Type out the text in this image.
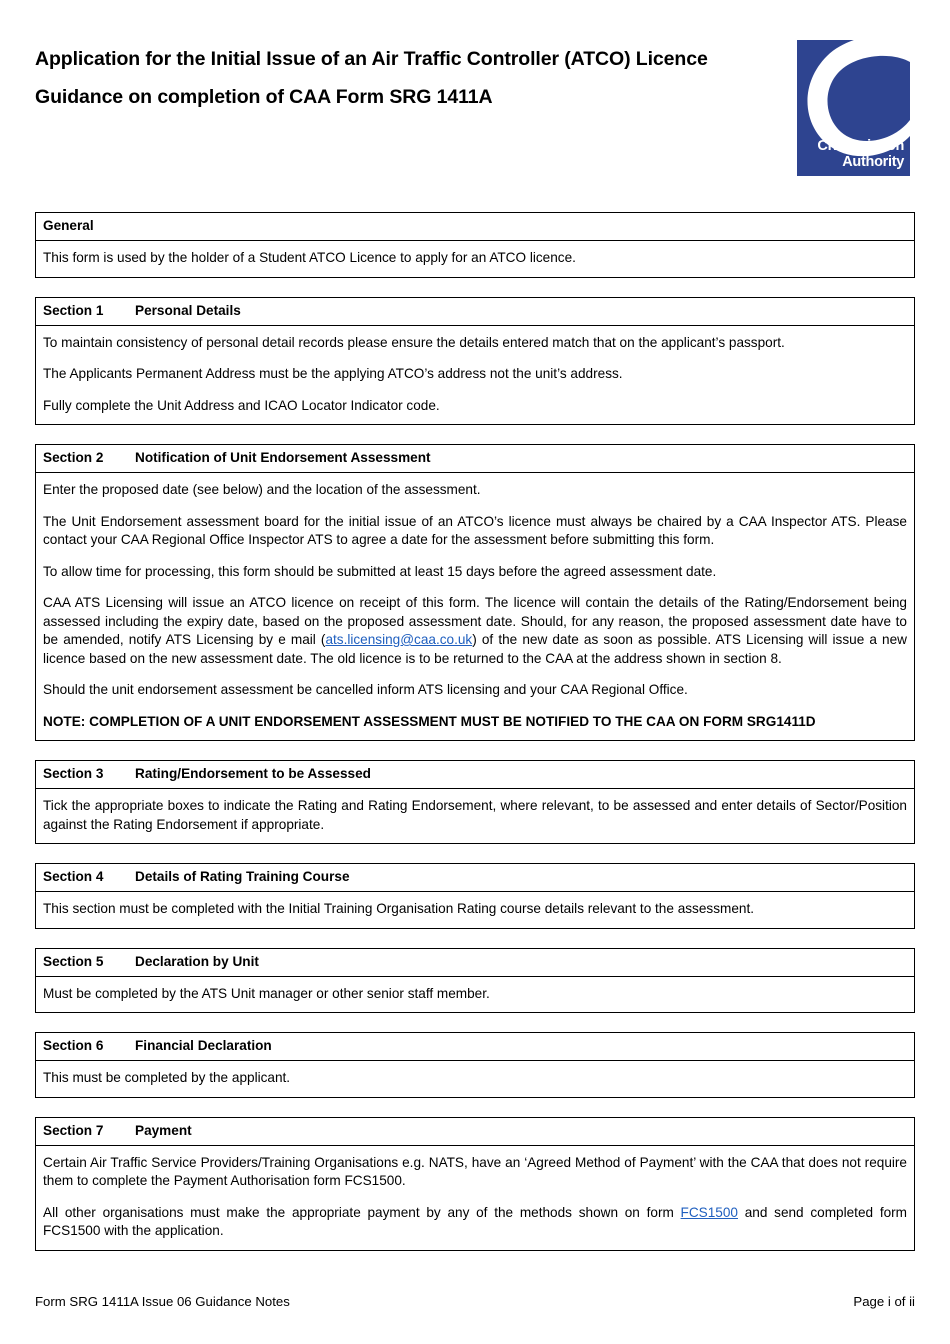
Application for the Initial Issue of an Air Traffic Controller (ATCO) Licence
Guidance on completion of CAA Form SRG 1411A
Civil Aviation
Authority
General

This form is used by the holder of a Student ATCO Licence to apply for an ATCO licence.

Section 1 Personal Details

To maintain consistency of personal detail records please ensure the details entered match that on the applicant’s passport.

The Applicants Permanent Address must be the applying ATCO’s address not the unit’s address.

Fully complete the Unit Address and ICAO Locator Indicator code.

Section 2 Notification of Unit Endorsement Assessment

Enter the proposed date (see below) and the location of the assessment.

The Unit Endorsement assessment board for the initial issue of an ATCO’s licence must always be chaired by a CAA Inspector ATS. Please contact your CAA Regional Office Inspector ATS to agree a date for the assessment before submitting this form.

To allow time for processing, this form should be submitted at least 15 days before the agreed assessment date.

CAA ATS Licensing will issue an ATCO licence on receipt of this form. The licence will contain the details of the Rating/Endorsement being assessed including the expiry date, based on the proposed assessment date. Should, for any reason, the proposed assessment date have to be amended, notify ATS Licensing by e mail (ats.licensing@caa.co.uk) of the new date as soon as possible. ATS Licensing will issue a new licence based on the new assessment date. The old licence is to be returned to the CAA at the address shown in section 8.

Should the unit endorsement assessment be cancelled inform ATS licensing and your CAA Regional Office.

NOTE: COMPLETION OF A UNIT ENDORSEMENT ASSESSMENT MUST BE NOTIFIED TO THE CAA ON FORM SRG1411D

Section 3 Rating/Endorsement to be Assessed

Tick the appropriate boxes to indicate the Rating and Rating Endorsement, where relevant, to be assessed and enter details of Sector/Position against the Rating Endorsement if appropriate.

Section 4 Details of Rating Training Course

This section must be completed with the Initial Training Organisation Rating course details relevant to the assessment.

Section 5 Declaration by Unit

Must be completed by the ATS Unit manager or other senior staff member.

Section 6 Financial Declaration

This must be completed by the applicant.

Section 7 Payment

Certain Air Traffic Service Providers/Training Organisations e.g. NATS, have an ‘Agreed Method of Payment’ with the CAA that does not require them to complete the Payment Authorisation form FCS1500.

All other organisations must make the appropriate payment by any of the methods shown on form FCS1500 and send completed form FCS1500 with the application.

Form SRG 1411A Issue 06 Guidance Notes	Page i of ii
